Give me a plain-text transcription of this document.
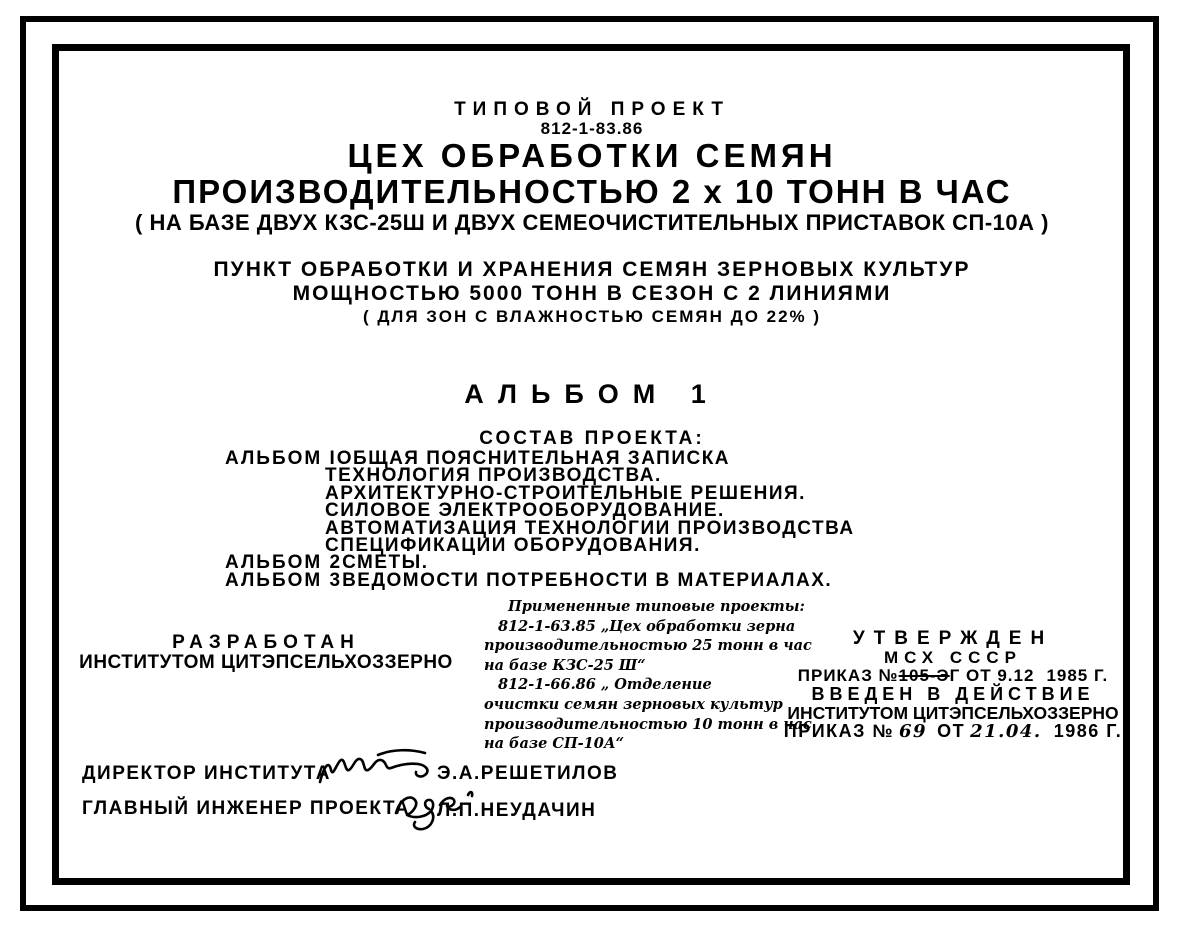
ТИПОВОЙ ПРОЕКТ
812-1-83.86
ЦЕХ ОБРАБОТКИ СЕМЯН
ПРОИЗВОДИТЕЛЬНОСТЬЮ 2 х 10 ТОНН В ЧАС
( НА БАЗЕ ДВУХ КЗС-25Ш И ДВУХ СЕМЕОЧИСТИТЕЛЬНЫХ ПРИСТАВОК СП-10А )
ПУНКТ ОБРАБОТКИ И ХРАНЕНИЯ СЕМЯН ЗЕРНОВЫХ КУЛЬТУР
МОЩНОСТЬЮ 5000 ТОНН В СЕЗОН С 2 ЛИНИЯМИ
( ДЛЯ ЗОН С ВЛАЖНОСТЬЮ СЕМЯН ДО 22% )
АЛЬБОМ 1
СОСТАВ ПРОЕКТА:
АЛЬБОМ I ОБЩАЯ ПОЯСНИТЕЛЬНАЯ ЗАПИСКА
ТЕХНОЛОГИЯ ПРОИЗВОДСТВА.
АРХИТЕКТУРНО-СТРОИТЕЛЬНЫЕ РЕШЕНИЯ.
СИЛОВОЕ ЭЛЕКТРООБОРУДОВАНИЕ.
АВТОМАТИЗАЦИЯ ТЕХНОЛОГИИ ПРОИЗВОДСТВА
СПЕЦИФИКАЦИИ ОБОРУДОВАНИЯ.
АЛЬБОМ 2 СМЕТЫ.
АЛЬБОМ 3 ВЕДОМОСТИ ПОТРЕБНОСТИ В МАТЕРИАЛАХ.
РАЗРАБОТАН
ИНСТИТУТОМ ЦИТЭПСЕЛЬХОЗЗЕРНО
Примененные типовые проекты:
812-1-63.85 „Цех обработки зерна
производительностью 25 тонн в час
на базе КЗС-25 Ш“
812-1-66.86 „ Отделение
очистки семян зерновых культур
производительностью 10 тонн в час
на базе СП-10А“
УТВЕРЖДЕН
МСХ СССР
ПРИКАЗ №105-ЭГ ОТ 9.12 1985 Г.
ВВЕДЕН В ДЕЙСТВИЕ
ИНСТИТУТОМ ЦИТЭПСЕЛЬХОЗЗЕРНО
ПРИКАЗ № 69 ОТ 21.04. 1986 Г.
ДИРЕКТОР ИНСТИТУТА	Э.А.РЕШЕТИЛОВ
ГЛАВНЫЙ ИНЖЕНЕР ПРОЕКТА Л.П.НЕУДАЧИН
